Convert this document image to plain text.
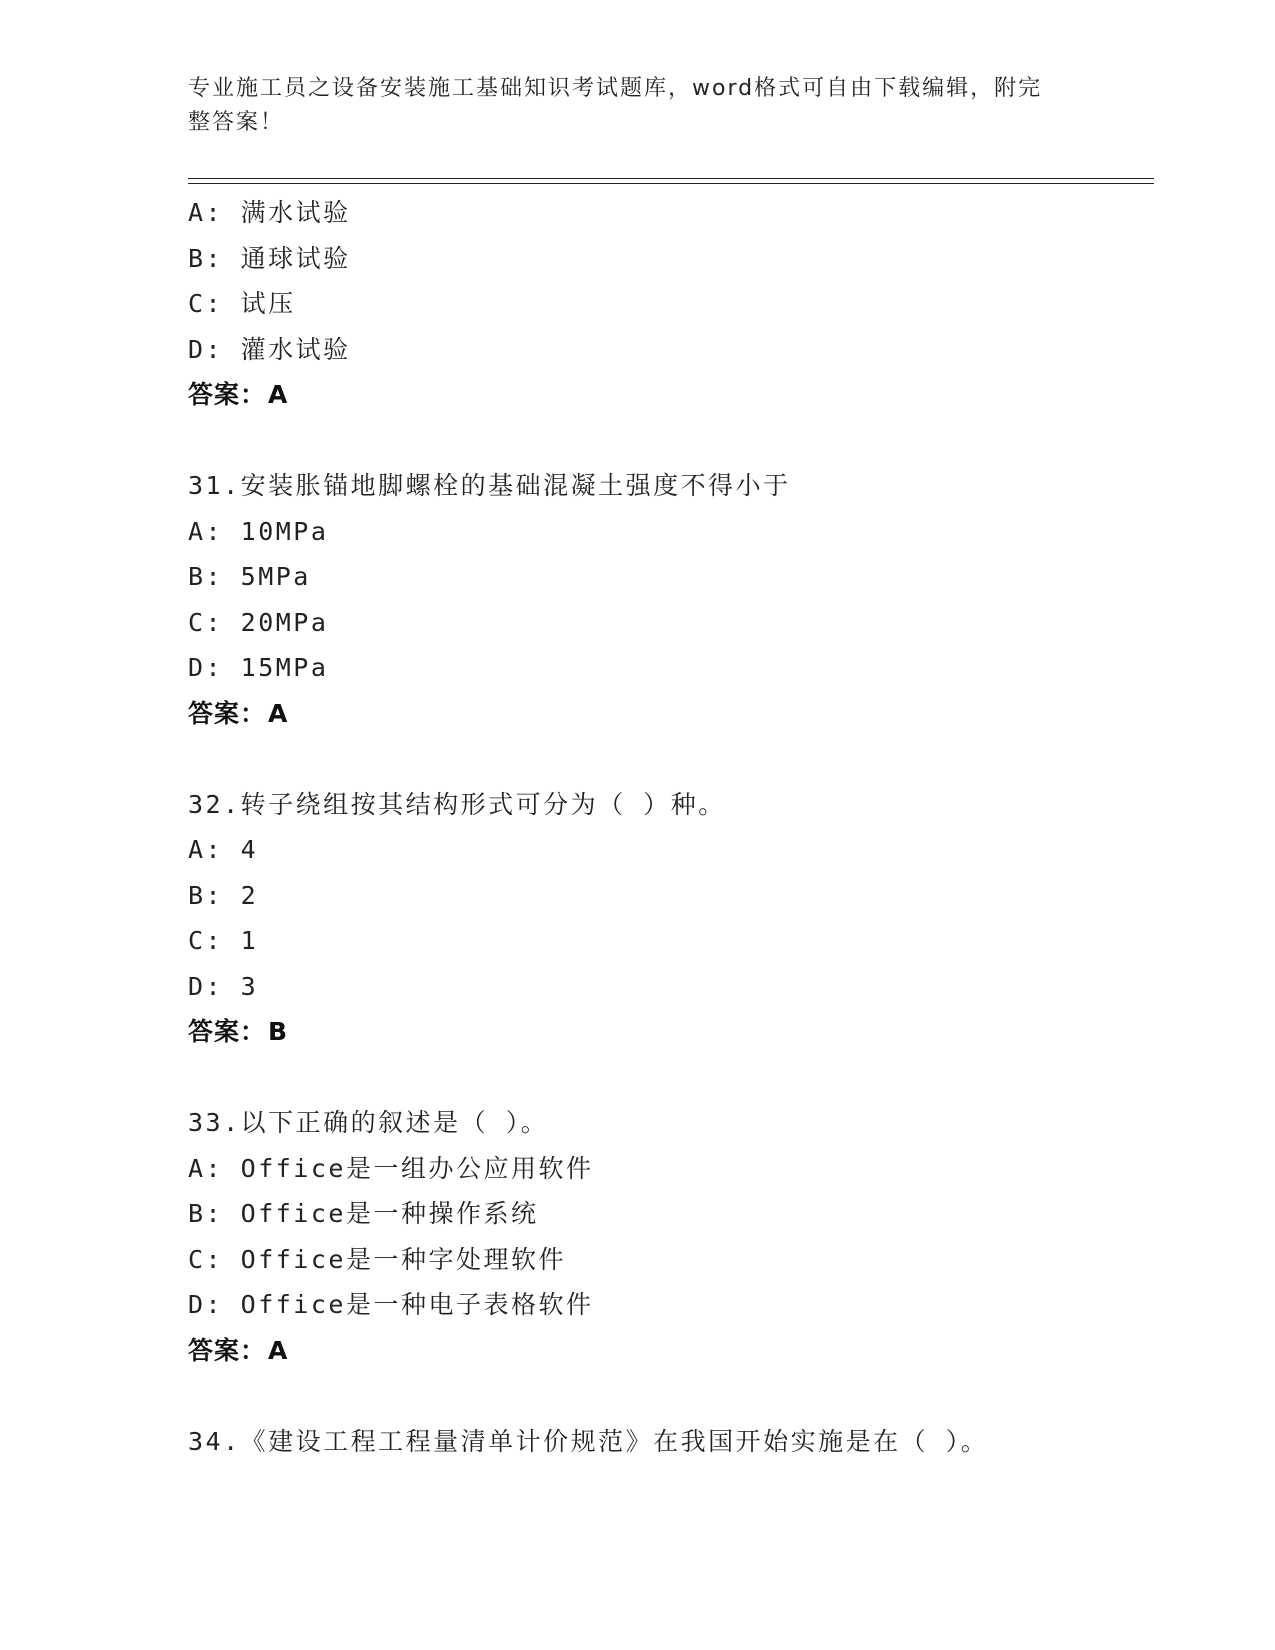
专业施工员之设备安装施工基础知识考试题库，word格式可自由下载编辑，附完
整答案！
A: 满水试验
B: 通球试验
C: 试压
D: 灌水试验
答案：A
31.安装胀锚地脚螺栓的基础混凝土强度不得小于
A: 10MPa
B: 5MPa
C: 20MPa
D: 15MPa
答案：A
32.转子绕组按其结构形式可分为（ ）种。
A: 4
B: 2
C: 1
D: 3
答案：B
33.以下正确的叙述是（ ）。
A: Office是一组办公应用软件
B: Office是一种操作系统
C: Office是一种字处理软件
D: Office是一种电子表格软件
答案：A
34.《建设工程工程量清单计价规范》在我国开始实施是在（ ）。
